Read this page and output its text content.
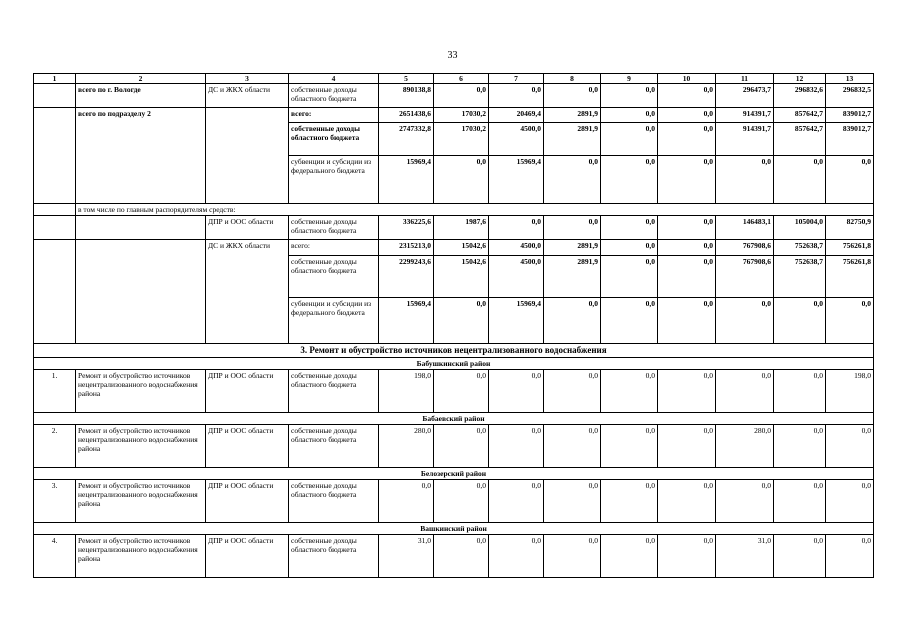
33
1	2	3	4	5	6	7	8	9	10	11	12	13
	всего по г. Вологде	ДС и ЖКХ области	собственные доходы областного бюджета	890138,8	0,0	0,0	0,0	0,0	0,0	296473,7	296832,6	296832,5
	всего по подразделу 2		всего:	2651438,6	17030,2	20469,4	2891,9	0,0	0,0	914391,7	857642,7	839012,7
			собственные доходы областного бюджета	2747332,8	17030,2	4500,0	2891,9	0,0	0,0	914391,7	857642,7	839012,7
			субвенции и субсидии из федерального бюджета	15969,4	0,0	15969,4	0,0	0,0	0,0	0,0	0,0	0,0
	в том числе по главным распорядителям средств:											
		ДПР и ООС области	собственные доходы областного бюджета	336225,6	1987,6	0,0	0,0	0,0	0,0	146483,1	105004,0	82750,9
		ДС и ЖКХ области	всего:	2315213,0	15042,6	4500,0	2891,9	0,0	0,0	767908,6	752638,7	756261,8
			собственные доходы областного бюджета	2299243,6	15042,6	4500,0	2891,9	0,0	0,0	767908,6	752638,7	756261,8
			субвенции и субсидии из федерального бюджета	15969,4	0,0	15969,4	0,0	0,0	0,0	0,0	0,0	0,0
3. Ремонт и обустройство источников нецентрализованного водоснабжения												
Бабушкинский район												
1.	Ремонт и обустройство источников нецентрализованного водоснабжения района	ДПР и ООС области	собственные доходы областного бюджета	198,0	0,0	0,0	0,0	0,0	0,0	0,0	0,0	198,0
Бабаевский район												
2.	Ремонт и обустройство источников нецентрализованного водоснабжения района	ДПР и ООС области	собственные доходы областного бюджета	280,0	0,0	0,0	0,0	0,0	0,0	280,0	0,0	0,0
Белозерский район												
3.	Ремонт и обустройство источников нецентрализованного водоснабжения района	ДПР и ООС области	собственные доходы областного бюджета	0,0	0,0	0,0	0,0	0,0	0,0	0,0	0,0	0,0
Вашкинский район												
4.	Ремонт и обустройство источников нецентрализованного водоснабжения района	ДПР и ООС области	собственные доходы областного бюджета	31,0	0,0	0,0	0,0	0,0	0,0	31,0	0,0	0,0
